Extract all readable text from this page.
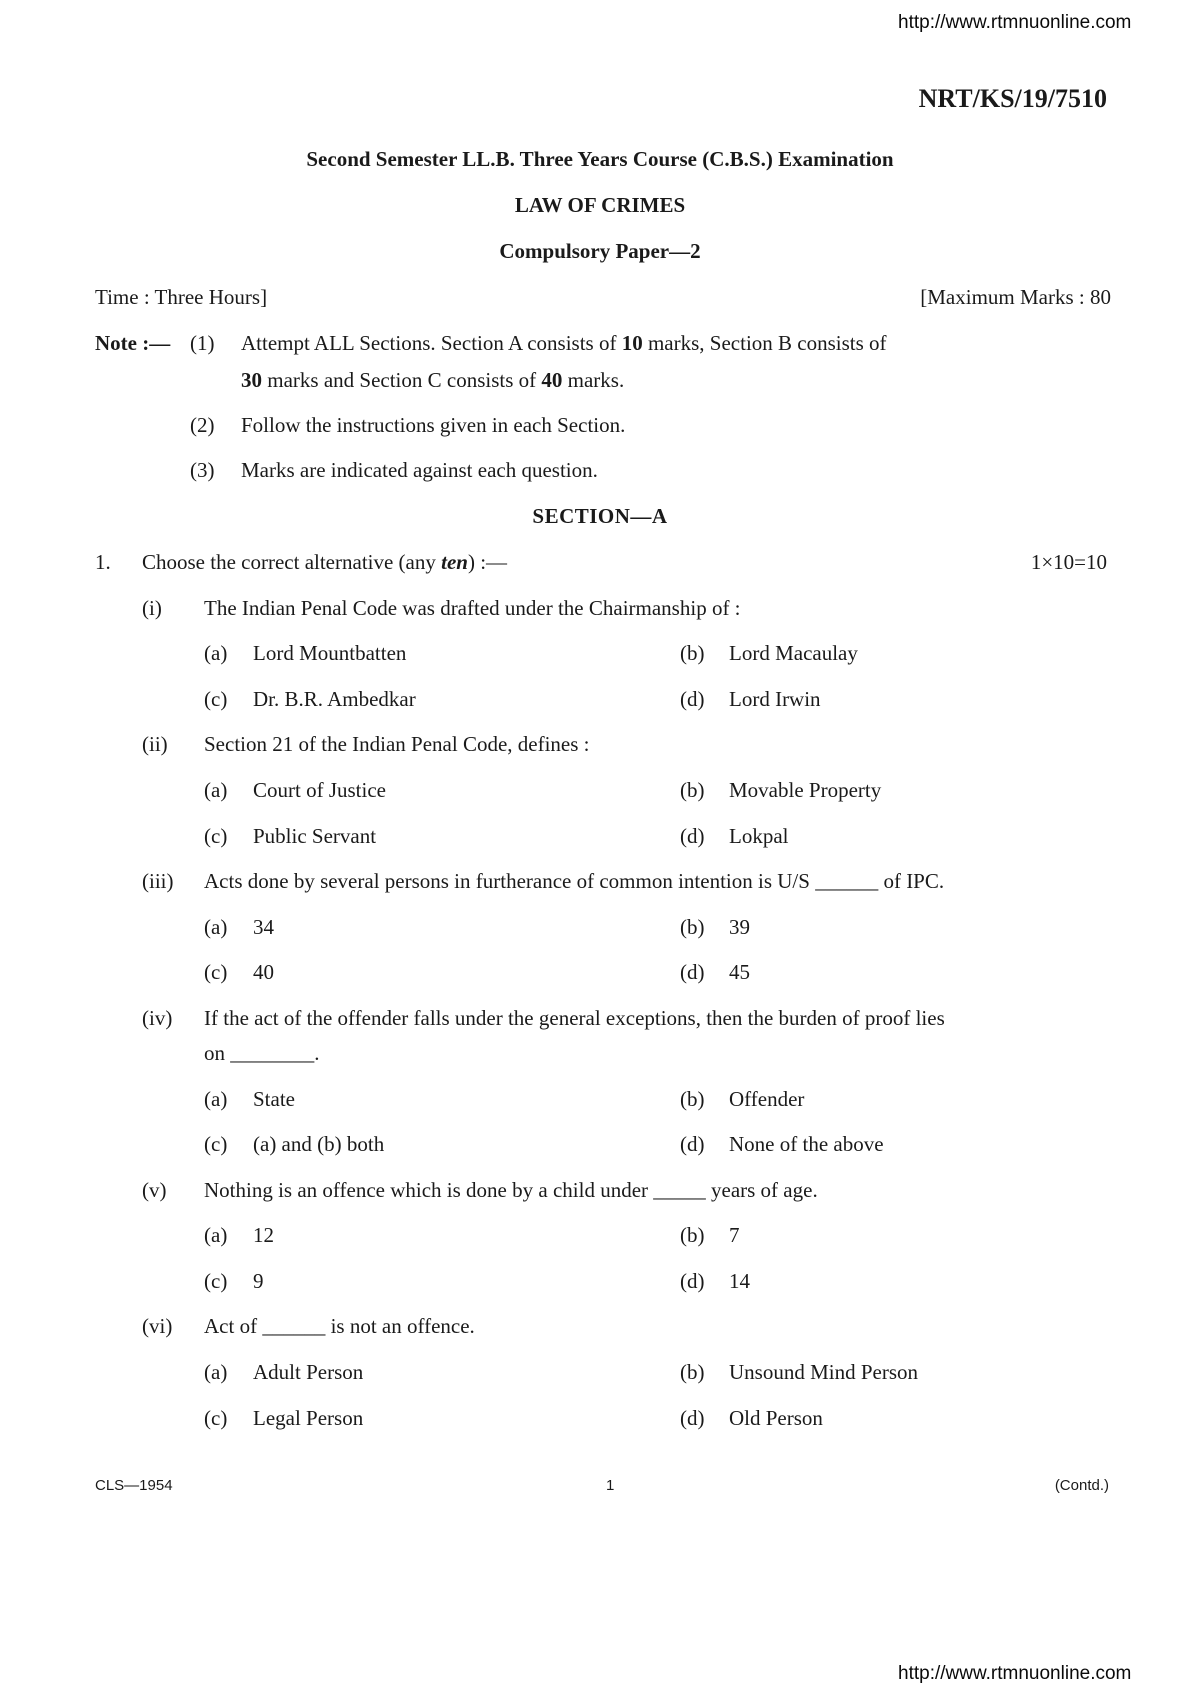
http://www.rtmnuonline.com
NRT/KS/19/7510
Second Semester LL.B. Three Years Course (C.B.S.) Examination
LAW OF CRIMES
Compulsory Paper—2
Time : Three Hours]	[Maximum Marks : 80
Note :— (1) Attempt ALL Sections. Section A consists of 10 marks, Section B consists of
30 marks and Section C consists of 40 marks.
(2) Follow the instructions given in each Section.
(3) Marks are indicated against each question.
SECTION—A
1. Choose the correct alternative (any ten) :—	1×10=10
(i) The Indian Penal Code was drafted under the Chairmanship of :
(a) Lord Mountbatten	(b) Lord Macaulay
(c) Dr. B.R. Ambedkar	(d) Lord Irwin
(ii) Section 21 of the Indian Penal Code, defines :
(a) Court of Justice	(b) Movable Property
(c) Public Servant	(d) Lokpal
(iii) Acts done by several persons in furtherance of common intention is U/S ______ of IPC.
(a) 34	(b) 39
(c) 40	(d) 45
(iv) If the act of the offender falls under the general exceptions, then the burden of proof lies
on ________.
(a) State	(b) Offender
(c) (a) and (b) both	(d) None of the above
(v) Nothing is an offence which is done by a child under _____ years of age.
(a) 12	(b) 7
(c) 9	(d) 14
(vi) Act of ______ is not an offence.
(a) Adult Person	(b) Unsound Mind Person
(c) Legal Person	(d) Old Person
CLS—1954	1	(Contd.)
http://www.rtmnuonline.com
